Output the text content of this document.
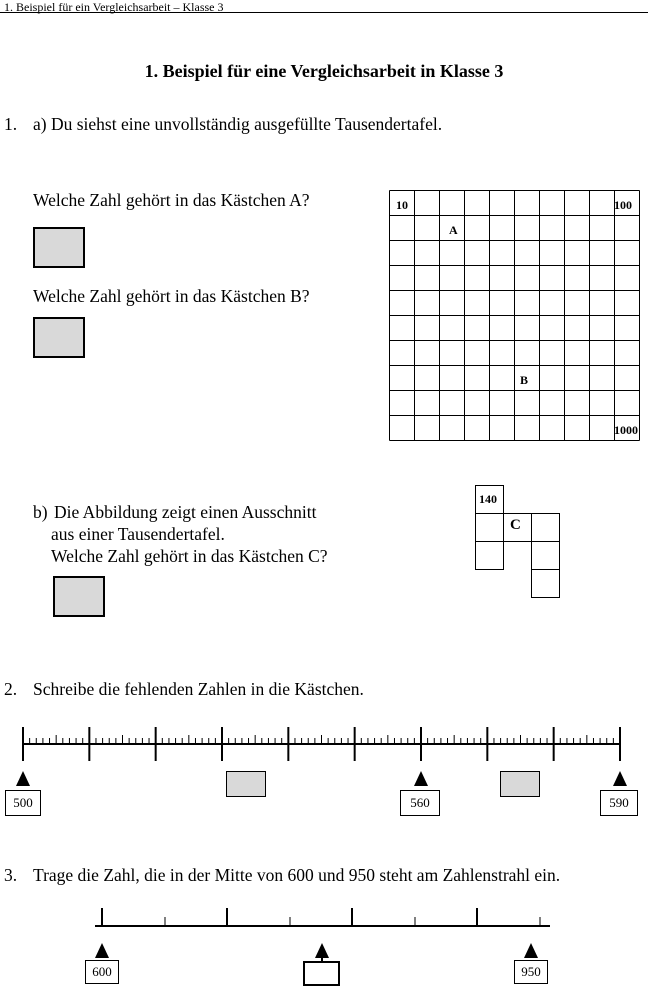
1. Beispiel für ein Vergleichsarbeit – Klasse 3
1. Beispiel für eine Vergleichsarbeit in Klasse 3
1. a) Du siehst eine unvollständig ausgefüllte Tausendertafel.
Welche Zahl gehört in das Kästchen A?
Welche Zahl gehört in das Kästchen B?
10	100
A
B
1000
b) Die Abbildung zeigt einen Ausschnitt
aus einer Tausendertafel.
Welche Zahl gehört in das Kästchen C?
140
C
2. Schreibe die fehlenden Zahlen in die Kästchen.
500	560	590
3. Trage die Zahl, die in der Mitte von 600 und 950 steht am Zahlenstrahl ein.
600	950
